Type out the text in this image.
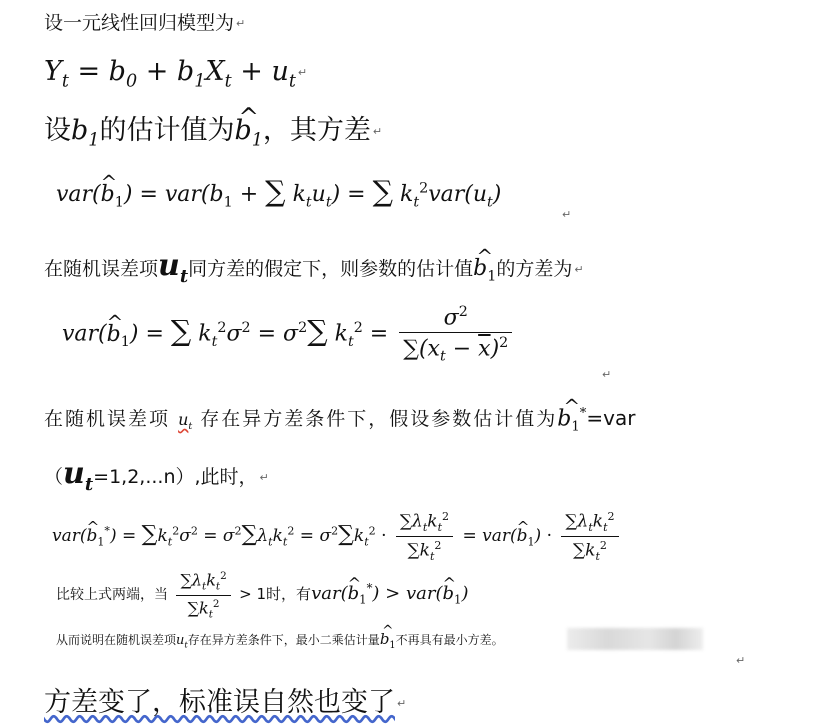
设一元线性回归模型为 ↵
$Y_t = b_0 + b_1X_t + u_t$ ↵
设$b_1$的估计值为^ $b_1$，其方差 ↵
var(^ $b_1) = var(b_1$ + ∑ $k_tu_t$) = ∑ $k_t^2var(u_t)$
↵
在随机误差项$u_t$同方差的假定下，则参数的估计值^ $b_1$的方差为 ↵
var(^ $b_1$) = ∑ $k_t^2\sigma^2 = \sigma^2\sum$ $k_t^2 = \frac{\sigma^2}{\sum(x_t - \overline{x})^2}$
↵
在随机误差项 $u_t$ 存在异方差条件下，假设参数估计值为^ $b_1^*=var$
$(u_t=1,2,...n)$,此时， ↵
var(^ $b_1^*) = \sum k_t^2\sigma^2 = \sigma^2\sum\lambda_tk_t^2 = \sigma^2\sum k_t^2 \cdot \frac{\sum\lambda_tk_t^2}{\sum k_t^2}$ = var(^ $b_1) \cdot \frac{\sum\lambda_tk_t^2}{\sum k_t^2}$
比较上式两端，当 $\frac{\sum\lambda_tk_t^2}{\sum k_t^2} > 1$时，有var(^ $b_1^*$) > var(^ $b_1$)
从而说明在随机误差项$u_t$存在异方差条件下，最小二乘估计量^ $b_1$不再具有最小方差。
↵
方差变了，标准误自然也变了 ↵
